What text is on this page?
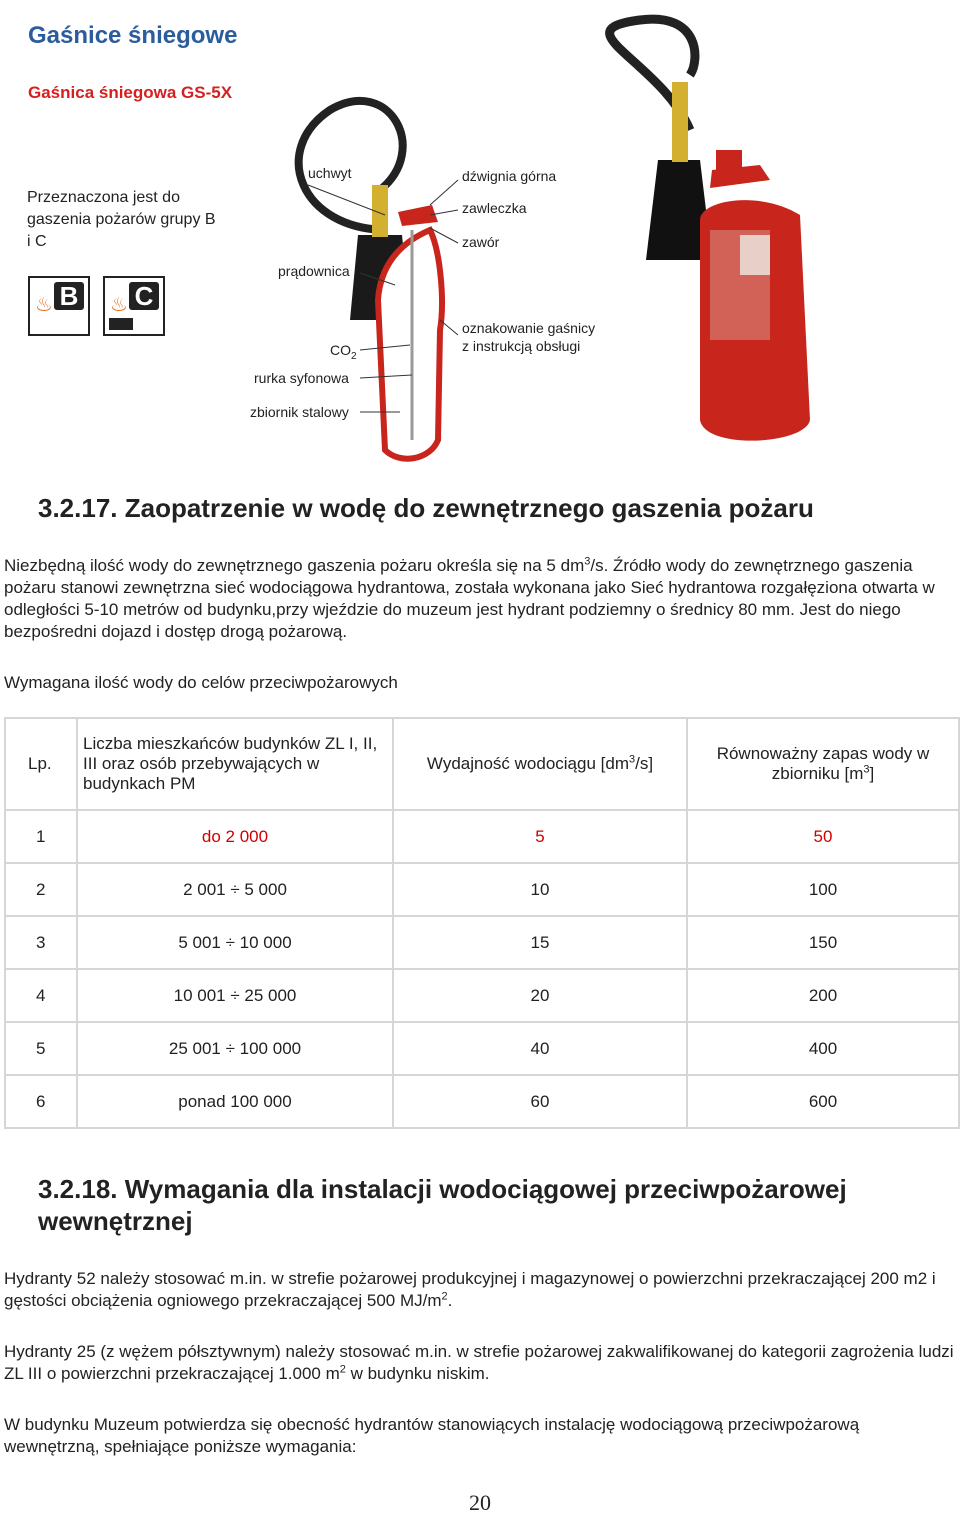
Gaśnice śniegowe
Gaśnica śniegowa GS-5X
Przeznaczona jest do gaszenia pożarów grupy B i C
♨ B ♨ C
uchwyt
prądownica
$CO_2$
rurka syfonowa
zbiornik stalowy
dźwignia górna
zawleczka
zawór
oznakowanie gaśnicy
z instrukcją obsługi
3.2.17. Zaopatrzenie w wodę do zewnętrznego gaszenia pożaru

Niezbędną ilość wody do zewnętrznego gaszenia pożaru określa się na 5 $dm^3/s$. Źródło wody do zewnętrznego gaszenia pożaru stanowi zewnętrzna sieć wodociągowa hydrantowa, została wykonana jako Sieć hydrantowa rozgałęziona otwarta w odległości 5-10 metrów od budynku,przy wjeździe do muzeum jest hydrant podziemny o średnicy 80 mm. Jest do niego bezpośredni dojazd i dostęp drogą pożarową.

Wymagana ilość wody do celów przeciwpożarowych

Lp.	Liczba mieszkańców budynków ZL I, II, III oraz osób przebywających w budynkach PM	Wydajność wodociągu $[dm^3/s]$	Równoważny zapas wody w zbiorniku $[m^3]$
1	do 2 000	5	50
2	2 001 ÷ 5 000	10	100
3	5 001 ÷ 10 000	15	150
4	10 001 ÷ 25 000	20	200
5	25 001 ÷ 100 000	40	400
6	ponad 100 000	60	600
3.2.18. Wymagania dla instalacji wodociągowej przeciwpożarowej wewnętrznej

Hydranty 52 należy stosować m.in. w strefie pożarowej produkcyjnej i magazynowej o powierzchni przekraczającej 200 m2 i gęstości obciążenia ogniowego przekraczającej 500 $MJ/m^2$.

Hydranty 25 (z wężem półsztywnym) należy stosować m.in. w strefie pożarowej zakwalifikowanej do kategorii zagrożenia ludzi ZL III o powierzchni przekraczającej 1.000 $m^2$ w budynku niskim.

W budynku Muzeum potwierdza się obecność hydrantów stanowiących instalację wodociągową przeciwpożarową wewnętrzną, spełniające poniższe wymagania:

20
